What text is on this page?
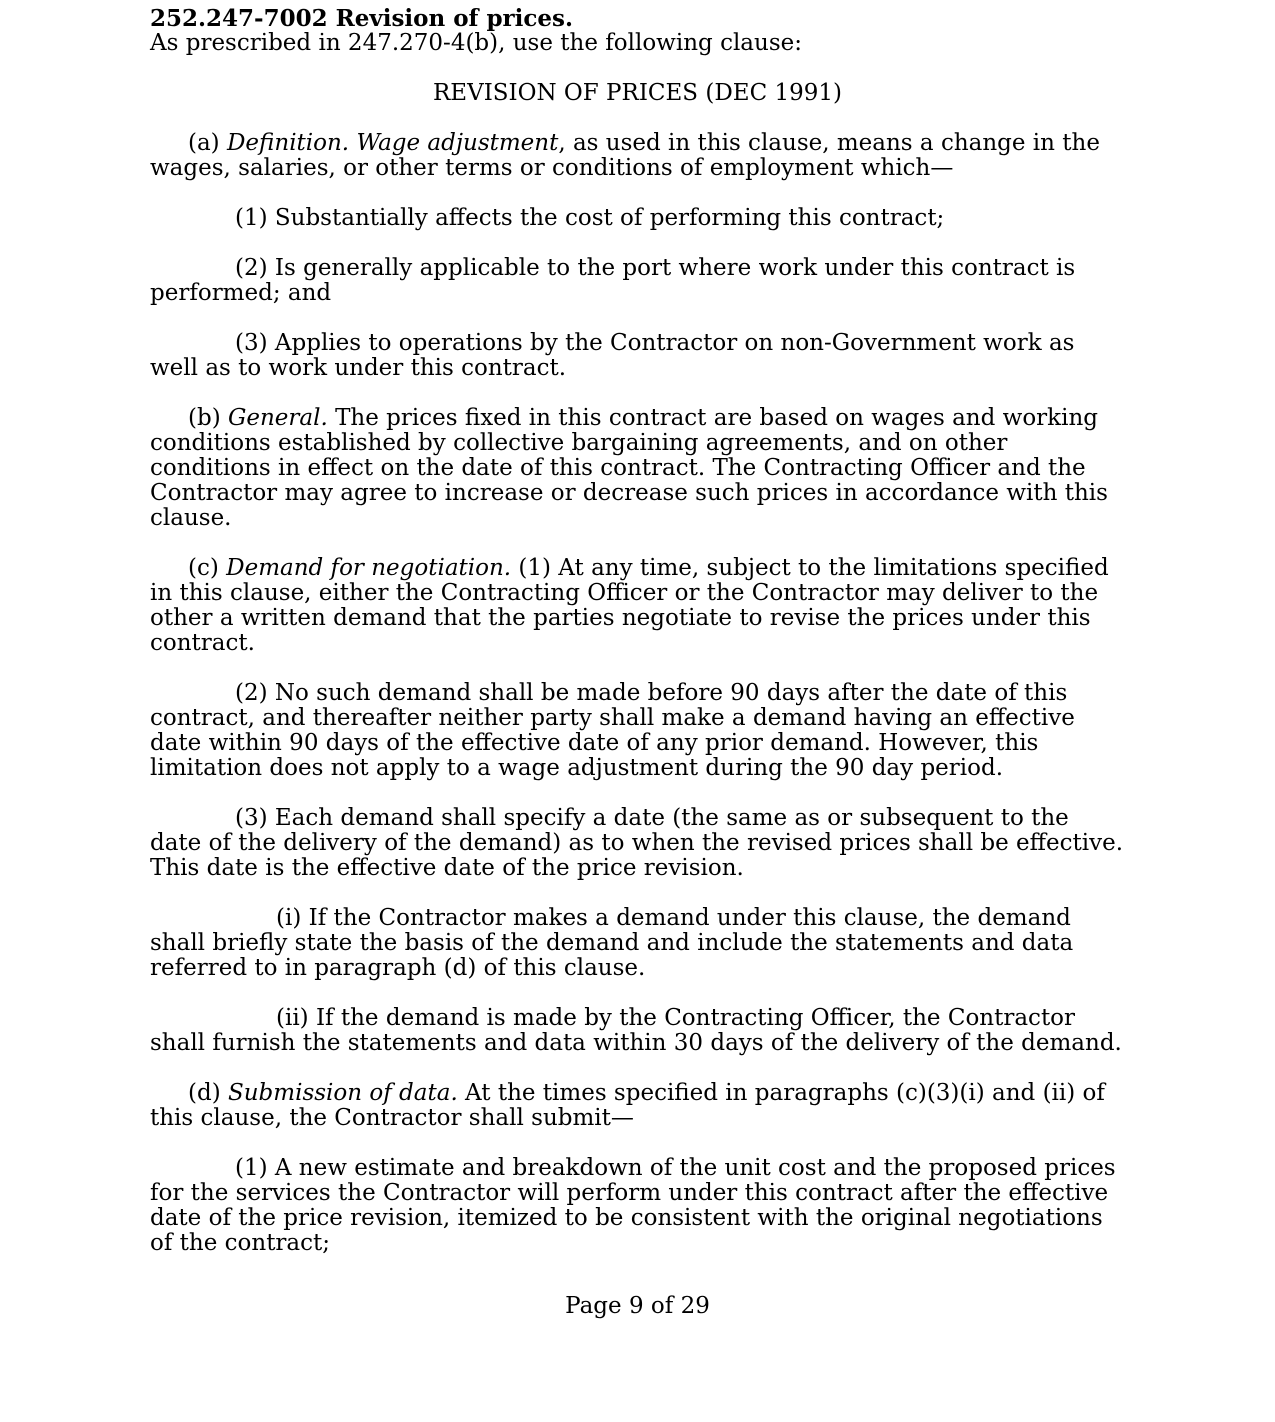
252.247-7002 Revision of prices.

As prescribed in 247.270-4(b), use the following clause:

REVISION OF PRICES (DEC 1991)

(a) Definition. Wage adjustment, as used in this clause, means a change in the wages, salaries, or other terms or conditions of employment which—

(1) Substantially affects the cost of performing this contract;

(2) Is generally applicable to the port where work under this contract is performed; and

(3) Applies to operations by the Contractor on non-Government work as well as to work under this contract.

(b) General. The prices fixed in this contract are based on wages and working conditions established by collective bargaining agreements, and on other conditions in effect on the date of this contract. The Contracting Officer and the Contractor may agree to increase or decrease such prices in accordance with this clause.

(c) Demand for negotiation. (1) At any time, subject to the limitations specified in this clause, either the Contracting Officer or the Contractor may deliver to the other a written demand that the parties negotiate to revise the prices under this contract.

(2) No such demand shall be made before 90 days after the date of this contract, and thereafter neither party shall make a demand having an effective date within 90 days of the effective date of any prior demand. However, this limitation does not apply to a wage adjustment during the 90 day period.

(3) Each demand shall specify a date (the same as or subsequent to the date of the delivery of the demand) as to when the revised prices shall be effective. This date is the effective date of the price revision.

(i) If the Contractor makes a demand under this clause, the demand shall briefly state the basis of the demand and include the statements and data referred to in paragraph (d) of this clause.

(ii) If the demand is made by the Contracting Officer, the Contractor shall furnish the statements and data within 30 days of the delivery of the demand.

(d) Submission of data. At the times specified in paragraphs (c)(3)(i) and (ii) of this clause, the Contractor shall submit—

(1) A new estimate and breakdown of the unit cost and the proposed prices for the services the Contractor will perform under this contract after the effective date of the price revision, itemized to be consistent with the original negotiations of the contract;

Page 9 of 29
